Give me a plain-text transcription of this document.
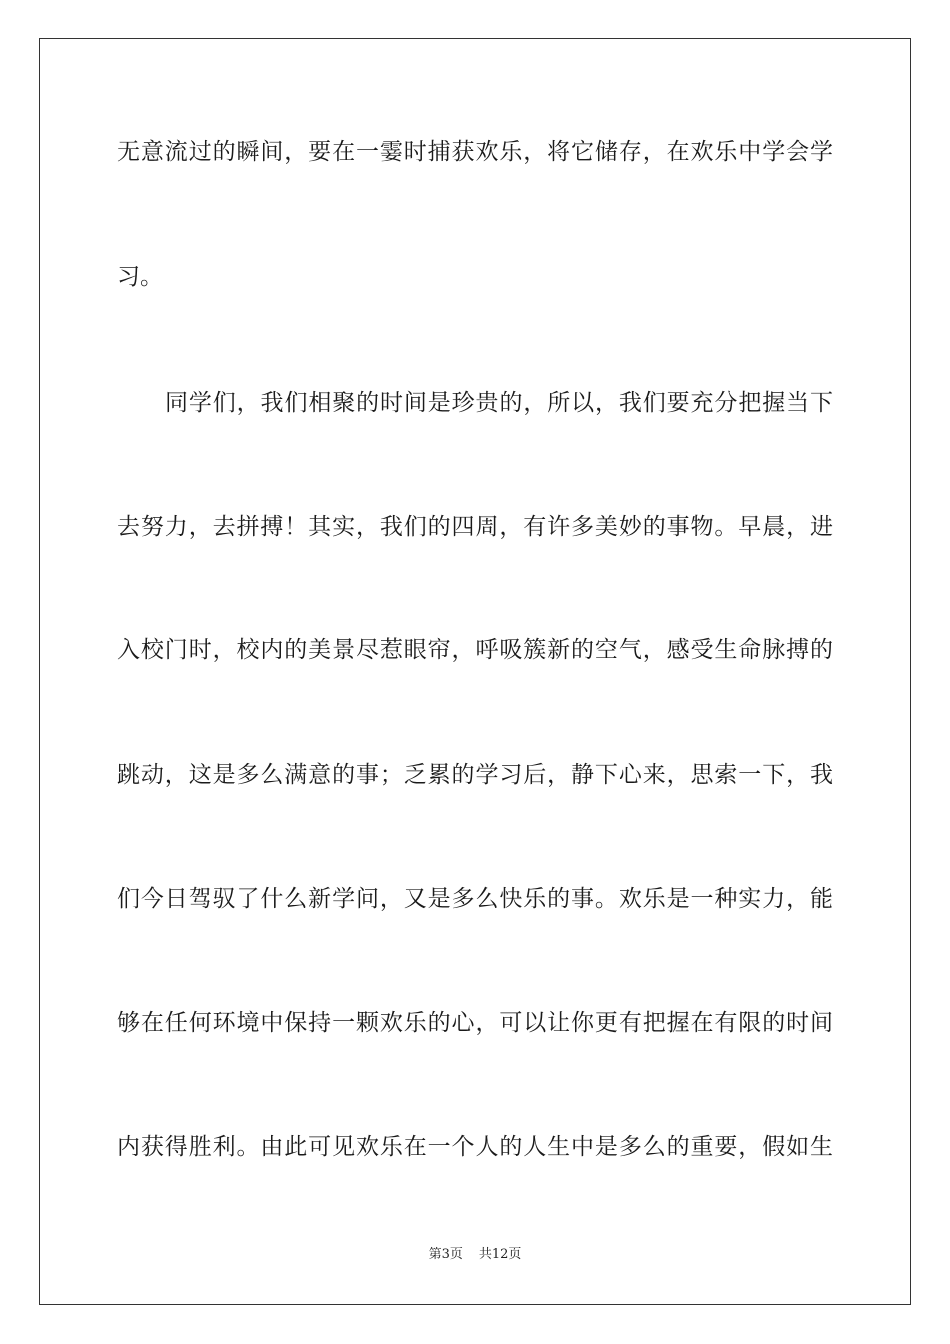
无意流过的瞬间，要在一霎时捕获欢乐，将它储存，在欢乐中学会学
习。
同学们，我们相聚的时间是珍贵的，所以，我们要充分把握当下
去努力，去拼搏！其实，我们的四周，有许多美妙的事物。早晨，进
入校门时，校内的美景尽惹眼帘，呼吸簇新的空气，感受生命脉搏的
跳动，这是多么满意的事；乏累的学习后，静下心来，思索一下，我
们今日驾驭了什么新学问，又是多么快乐的事。欢乐是一种实力，能
够在任何环境中保持一颗欢乐的心，可以让你更有把握在有限的时间
内获得胜利。由此可见欢乐在一个人的人生中是多么的重要，假如生
第3页 共12页
